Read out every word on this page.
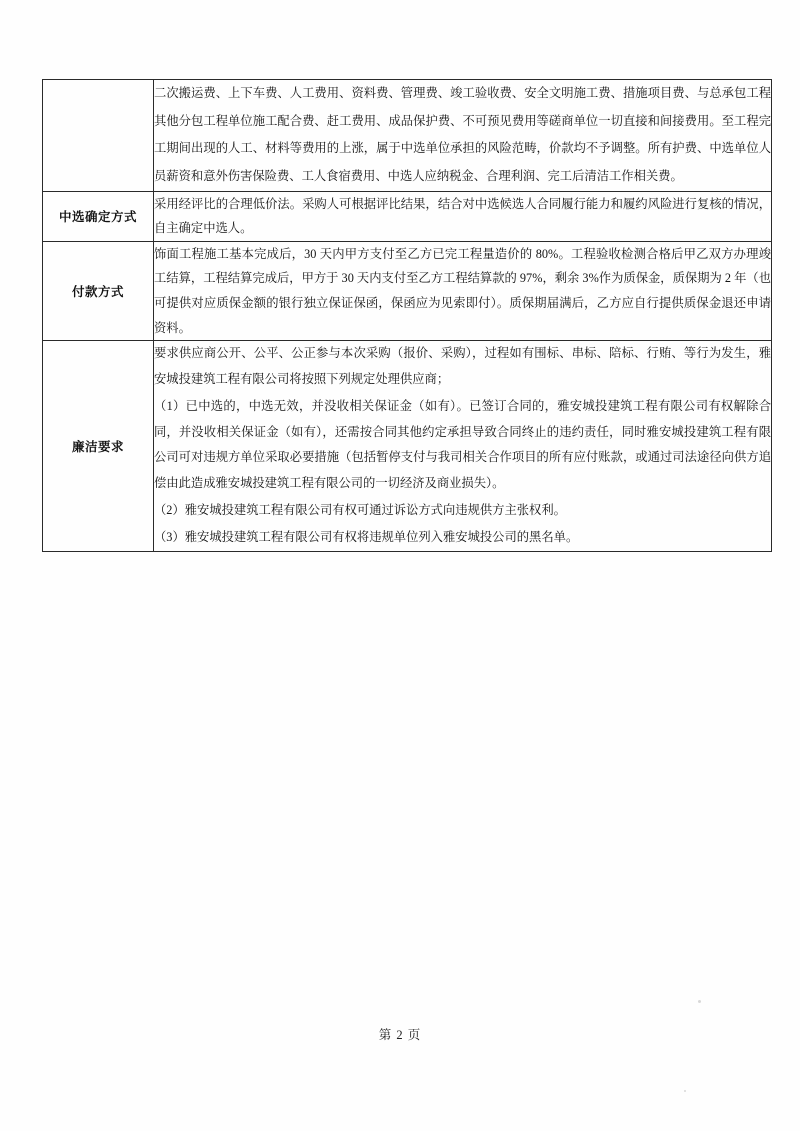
	二次搬运费、上下车费、人工费用、资料费、管理费、竣工验收费、安全文明施工费、措施项目费、与总承包工程其他分包工程单位施工配合费、赶工费用、成品保护费、不可预见费用等磋商单位一切直接和间接费用。至工程完工期间出现的人工、材料等费用的上涨，属于中选单位承担的风险范畴，价款均不予调整。所有护费、中选单位人员薪资和意外伤害保险费、工人食宿费用、中选人应纳税金、合理利润、完工后清洁工作相关费。

中选确定方式	采用经评比的合理低价法。采购人可根据评比结果，结合对中选候选人合同履行能力和履约风险进行复核的情况，自主确定中选人。

付款方式	饰面工程施工基本完成后，30 天内甲方支付至乙方已完工程量造价的 80%。工程验收检测合格后甲乙双方办理竣工结算，工程结算完成后，甲方于 30 天内支付至乙方工程结算款的 97%，剩余 3%作为质保金，质保期为 2 年（也可提供对应质保金额的银行独立保证保函，保函应为见索即付）。质保期届满后，乙方应自行提供质保金退还申请资料。

廉洁要求	要求供应商公开、公平、公正参与本次采购（报价、采购），过程如有围标、串标、陪标、行贿、等行为发生，雅安城投建筑工程有限公司将按照下列规定处理供应商；

（1）已中选的，中选无效，并没收相关保证金（如有）。已签订合同的，雅安城投建筑工程有限公司有权解除合同，并没收相关保证金（如有），还需按合同其他约定承担导致合同终止的违约责任，同时雅安城投建筑工程有限公司可对违规方单位采取必要措施（包括暂停支付与我司相关合作项目的所有应付账款，或通过司法途径向供方追偿由此造成雅安城投建筑工程有限公司的一切经济及商业损失）。

（2）雅安城投建筑工程有限公司有权可通过诉讼方式向违规供方主张权利。

（3）雅安城投建筑工程有限公司有权将违规单位列入雅安城投公司的黑名单。

第 2 页
